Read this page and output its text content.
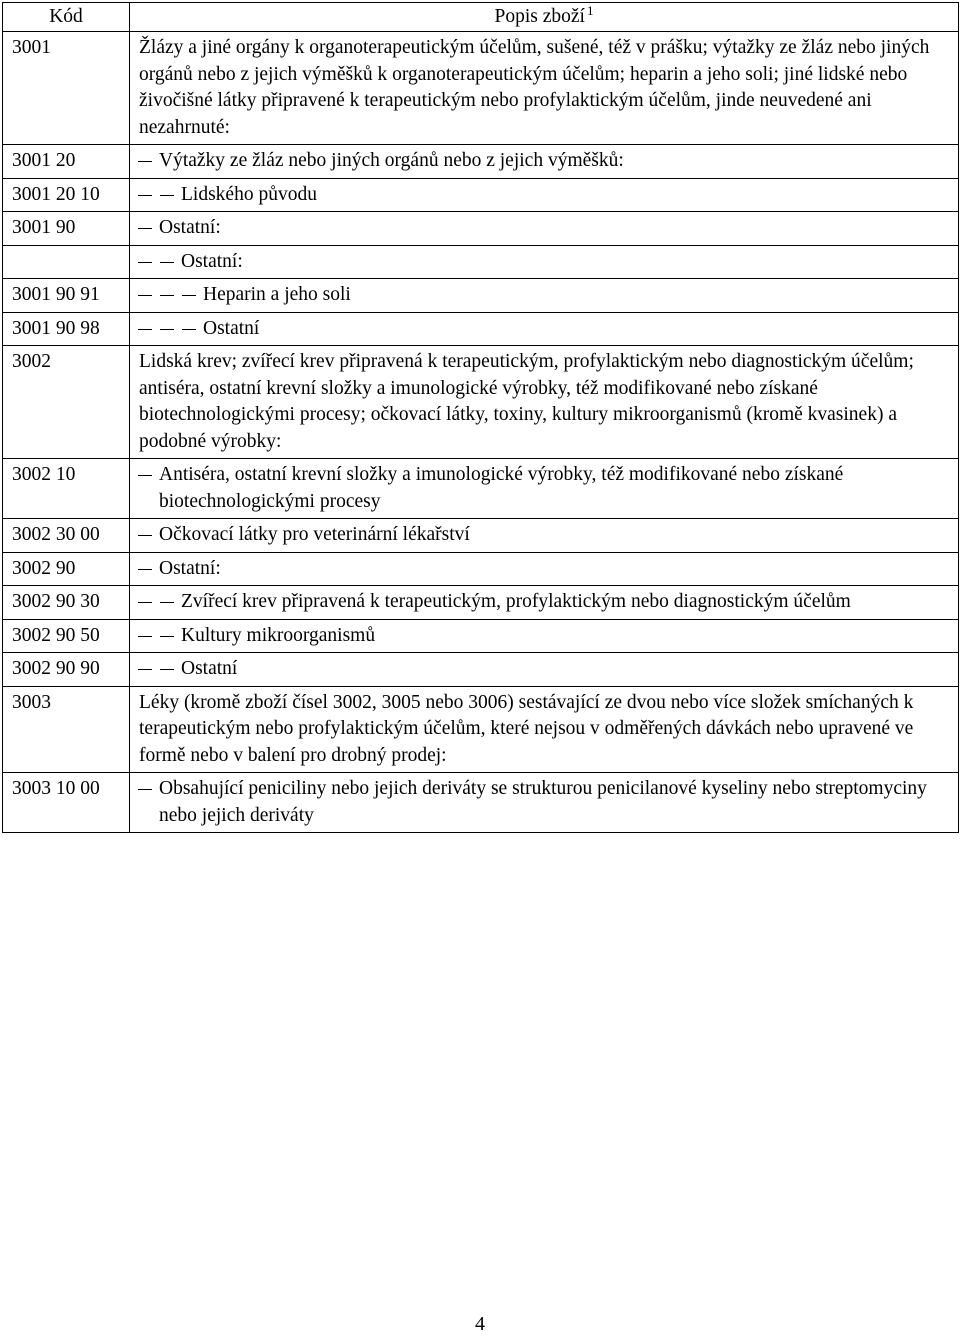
Kód	Popis zboží $^1$
3001	Žlázy a jiné orgány k organoterapeutickým účelům, sušené, též v prášku; výtažky ze žláz nebo jiných orgánů nebo z jejich výměšků k organoterapeutickým účelům; heparin a jeho soli; jiné lidské nebo živočišné látky připravené k terapeutickým nebo profylaktickým účelům, jinde neuvedené ani nezahrnuté:

3001 20	Výtažky ze žláz nebo jiných orgánů nebo z jejich výměšků:

3001 20 10	Lidského původu

3001 90	Ostatní:

	Ostatní:

3001 90 91	Heparin a jeho soli

3001 90 98	Ostatní

3002	Lidská krev; zvířecí krev připravená k terapeutickým, profylaktickým nebo diagnostickým účelům; antiséra, ostatní krevní složky a imunologické výrobky, též modifikované nebo získané biotechnologickými procesy; očkovací látky, toxiny, kultury mikroorganismů (kromě kvasinek) a podobné výrobky:

3002 10	Antiséra, ostatní krevní složky a imunologické výrobky, též modifikované nebo získané biotechnologickými procesy

3002 30 00	Očkovací látky pro veterinární lékařství

3002 90	Ostatní:

3002 90 30	Zvířecí krev připravená k terapeutickým, profylaktickým nebo diagnostickým účelům

3002 90 50	Kultury mikroorganismů

3002 90 90	Ostatní

3003	Léky (kromě zboží čísel 3002, 3005 nebo 3006) sestávající ze dvou nebo více složek smíchaných k terapeutickým nebo profylaktickým účelům, které nejsou v odměřených dávkách nebo upravené ve formě nebo v balení pro drobný prodej:

3003 10 00	Obsahující peniciliny nebo jejich deriváty se strukturou penicilanové kyseliny nebo streptomyciny nebo jejich deriváty
4
